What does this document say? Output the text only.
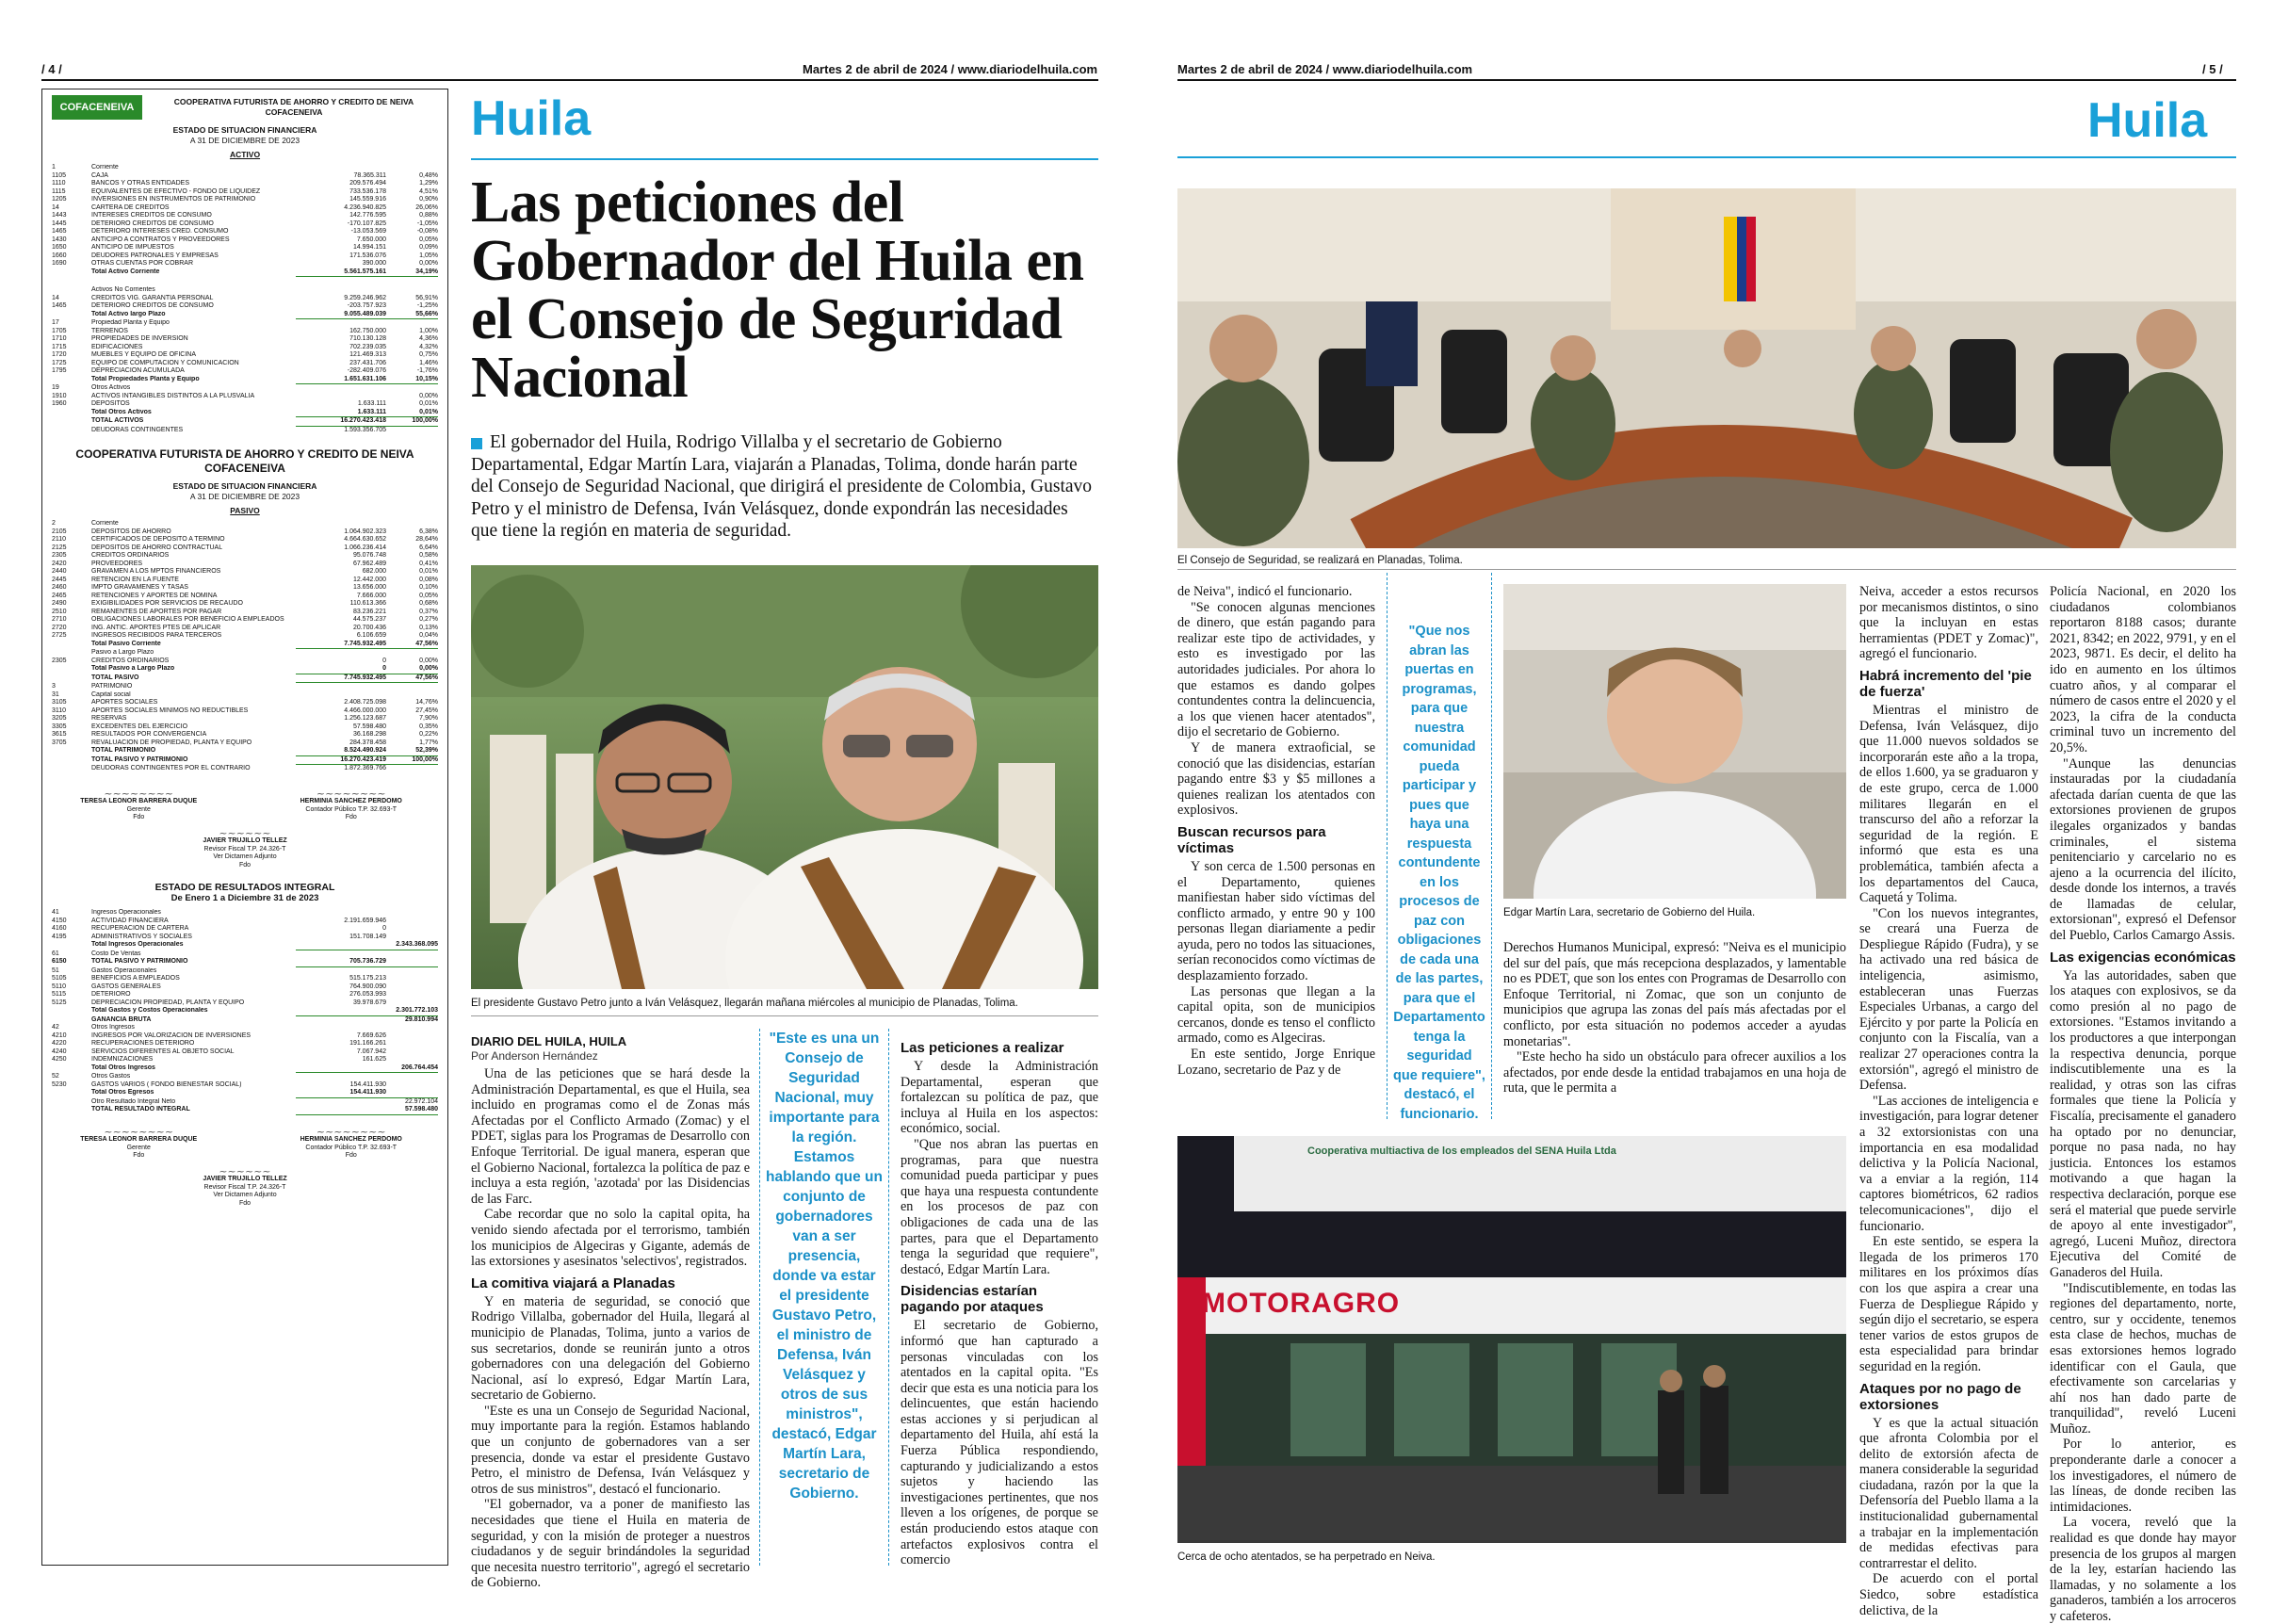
/ 4 /	Martes 2 de abril de 2024 / www.diariodelhuila.com
COFACENEIVA	COOPERATIVA FUTURISTA DE AHORRO Y CREDITO DE NEIVA
COFACENEIVA
ESTADO DE SITUACION FINANCIERA
A 31 DE DICIEMBRE DE 2023
ACTIVO
1	Corriente
1105	CAJA	78.365.311	0,48%
1110	BANCOS Y OTRAS ENTIDADES	209.576.494	1,29%
1115	EQUIVALENTES DE EFECTIVO - FONDO DE LIQUIDEZ	733.536.178	4,51%
1205	INVERSIONES EN INSTRUMENTOS DE PATRIMONIO	145.559.916	0,90%
14	CARTERA DE CREDITOS	4.236.940.825	26,06%
1443	INTERESES CREDITOS DE CONSUMO	142.776.595	0,88%
1445	DETERIORO CREDITOS DE CONSUMO	-170.107.825	-1,05%
1465	DETERIORO INTERESES CRED. CONSUMO	-13.053.569	-0,08%
1430	ANTICIPO A CONTRATOS Y PROVEEDORES	7.650.000	0,05%
1650	ANTICIPO DE IMPUESTOS	14.994.151	0,09%
1660	DEUDORES PATRONALES Y EMPRESAS	171.536.076	1,05%
1690	OTRAS CUENTAS POR COBRAR	390.000	0,00%
Total Activo Corriente	5.561.575.161	34,19%
Activos No Corrientes
14	CREDITOS VIG. GARANTIA PERSONAL	9.259.246.962	56,91%
1465	DETERIORO CREDITOS DE CONSUMO	-203.757.923	-1,25%
Total Activo largo Plazo	9.055.489.039	55,66%
17	Propiedad Planta y Equipo
1705	TERRENOS	162.750.000	1,00%
1710	PROPIEDADES DE INVERSION	710.130.128	4,36%
1715	EDIFICACIONES	702.239.035	4,32%
1720	MUEBLES Y EQUIPO DE OFICINA	121.469.313	0,75%
1725	EQUIPO DE COMPUTACION Y COMUNICACION	237.431.706	1,46%
1795	DEPRECIACION ACUMULADA	-282.409.076	-1,76%
Total Propiedades Planta y Equipo	1.651.631.106	10,15%
19	Otros Activos
1910	ACTIVOS INTANGIBLES DISTINTOS A LA PLUSVALIA	0,00%
1960	DEPOSITOS	1.633.111	0,01%
Total Otros Activos	1.633.111	0,01%
TOTAL ACTIVOS	16.270.423.418	100,00%
DEUDORAS CONTINGENTES	1.593.356.705
COOPERATIVA FUTURISTA DE AHORRO Y CREDITO DE NEIVA
COFACENEIVA
ESTADO DE SITUACION FINANCIERA
A 31 DE DICIEMBRE DE 2023
PASIVO
2	Corriente
2105	DEPOSITOS DE AHORRO	1.064.902.323	6,38%
2110	CERTIFICADOS DE DEPOSITO A TERMINO	4.664.630.652	28,64%
2125	DEPOSITOS DE AHORRO CONTRACTUAL	1.066.236.414	6,64%
2305	CREDITOS ORDINARIOS	95.076.748	0,58%
2420	PROVEEDORES	67.962.489	0,41%
2440	GRAVAMEN A LOS MPTOS FINANCIEROS	682.000	0,01%
2445	RETENCION EN LA FUENTE	12.442.000	0,08%
2460	IMPTO GRAVAMENES Y TASAS	13.656.000	0,10%
2465	RETENCIONES Y APORTES DE NÓMINA	7.666.000	0,05%
2490	EXIGIBILIDADES POR SERVICIOS DE RECAUDO	110.613.366	0,68%
2510	REMANENTES DE APORTES POR PAGAR	83.236.221	0,37%
2710	OBLIGACIONES LABORALES POR BENEFICIO A EMPLEADOS	44.575.237	0,27%
2720	ING. ANTIC. APORTES PTES DE APLICAR	20.700.436	0,13%
2725	INGRESOS RECIBIDOS PARA TERCEROS	6.106.659	0,04%
Total Pasivo Corriente	7.745.932.495	47,56%
Pasivo a Largo Plazo
2305	CREDITOS ORDINARIOS	0	0,00%
Total Pasivo a Largo Plazo	0	0,00%
TOTAL PASIVO	7.745.932.495	47,56%
3	PATRIMONIO
31	Capital social
3105	APORTES SOCIALES	2.408.725.098	14,76%
3110	APORTES SOCIALES MINIMOS NO REDUCTIBLES	4.466.000.000	27,45%
3205	RESERVAS	1.256.123.687	7,90%
3305	EXCEDENTES DEL EJERCICIO	57.598.480	0,35%
3615	RESULTADOS POR CONVERGENCIA	36.168.298	0,22%
3705	REVALUACION DE PROPIEDAD, PLANTA Y EQUIPO	284.378.458	1,77%
TOTAL PATRIMONIO	8.524.490.924	52,39%
TOTAL PASIVO Y PATRIMONIO	16.270.423.419	100,00%
DEUDORAS CONTINGENTES POR EL CONTRARIO	1.872.369.766
~~~~~~~~
TERESA LEONOR BARRERA DUQUE
Gerente
Fdo
~~~~~~~~
HERMINIA SANCHEZ PERDOMO
Contador Público T.P. 32.693-T
Fdo
~~~~~~
JAVIER TRUJILLO TELLEZ
Revisor Fiscal T.P. 24.326-T
Ver Dictamen Adjunto
Fdo
ESTADO DE RESULTADOS INTEGRAL
De Enero 1 a Diciembre 31 de 2023
41	Ingresos Operacionales
4150	ACTIVIDAD FINANCIERA	2.191.659.946
4160	RECUPERACION DE CARTERA	0
4195	ADMINISTRATIVOS Y SOCIALES	151.708.149
Total Ingresos Operacionales	2.343.368.095
61	Costo De Ventas
6150	TOTAL PASIVO Y PATRIMONIO	705.736.729
51	Gastos Operacionales
5105	BENEFICIOS A EMPLEADOS	515.175.213
5110	GASTOS GENERALES	764.900.090
5115	DETERIORO	276.053.993
5125	DEPRECIACION PROPIEDAD, PLANTA Y EQUIPO	39.978.679
Total Gastos y Costos Operacionales	2.301.772.103
GANANCIA BRUTA	29.810.994
42	Otros Ingresos
4210	INGRESOS POR VALORIZACION DE INVERSIONES	7.669.626
4220	RECUPERACIONES DETERIORO	191.166.261
4240	SERVICIOS DIFERENTES AL OBJETO SOCIAL	7.067.942
4250	INDEMNIZACIONES	161.625
Total Otros Ingresos	206.764.454
52	Otros Gastos
5230	GASTOS VARIOS ( FONDO BIENESTAR SOCIAL)	154.411.930
Total Otros Egresos	154.411.930
Otro Resultado Integral Neto	22.972.104
TOTAL RESULTADO INTEGRAL	57.598.480
~~~~~~~~
TERESA LEONOR BARRERA DUQUE
Gerente
Fdo
~~~~~~~~
HERMINIA SANCHEZ PERDOMO
Contador Público T.P. 32.693-T
Fdo
~~~~~~
JAVIER TRUJILLO TELLEZ
Revisor Fiscal T.P. 24.326-T
Ver Dictamen Adjunto
Fdo
Huila
Las peticiones del Gobernador del Huila en el Consejo de Seguridad Nacional

El gobernador del Huila, Rodrigo Villalba y el secretario de Gobierno Departamental, Edgar Martín Lara, viajarán a Planadas, Tolima, donde harán parte del Consejo de Seguridad Nacional, que dirigirá el presidente de Colombia, Gustavo Petro y el ministro de Defensa, Iván Velásquez, donde expondrán las necesidades que tiene la región en materia de seguridad.

El presidente Gustavo Petro junto a Iván Velásquez, llegarán mañana miércoles al municipio de Planadas, Tolima.
DIARIO DEL HUILA, HUILA
Por Anderson Hernández

Una de las peticiones que se hará desde la Administración Departamental, es que el Huila, sea incluido en programas como el de Zonas más Afectadas por el Conflicto Armado (Zomac) y el PDET, siglas para los Programas de Desarrollo con Enfoque Territorial. De igual manera, esperan que el Gobierno Nacional, fortalezca la política de paz e incluya a esta región, 'azotada' por las Disidencias de las Farc.

Cabe recordar que no solo la capital opita, ha venido siendo afectada por el terrorismo, también los municipios de Algeciras y Gigante, además de las extorsiones y asesinatos 'selectivos', registrados.

La comitiva viajará a Planadas

Y en materia de seguridad, se conoció que Rodrigo Villalba, gobernador del Huila, llegará al municipio de Planadas, Tolima, junto a varios de sus secretarios, donde se reunirán junto a otros gobernadores con una delegación del Gobierno Nacional, así lo expresó, Edgar Martín Lara, secretario de Gobierno.

"Este es una un Consejo de Seguridad Nacional, muy importante para la región. Estamos hablando que un conjunto de gobernadores van a ser presencia, donde va estar el presidente Gustavo Petro, el ministro de Defensa, Iván Velásquez y otros de sus ministros", destacó el funcionario.

"El gobernador, va a poner de manifiesto las necesidades que tiene el Huila en materia de seguridad, y con la misión de proteger a nuestros ciudadanos y de seguir brindándoles la seguridad que necesita nuestro territorio", agregó el secretario de Gobierno.

"Este es una un Consejo de Seguridad Nacional, muy importante para la región. Estamos hablando que un conjunto de gobernadores van a ser presencia, donde va estar el presidente Gustavo Petro, el ministro de Defensa, Iván Velásquez y otros de sus ministros", destacó, Edgar Martín Lara, secretario de Gobierno.
Las peticiones a realizar

Y desde la Administración Departamental, esperan que fortalezcan su política de paz, que incluya al Huila en los aspectos: económico, social.

"Que nos abran las puertas en programas, para que nuestra comunidad pueda participar y pues que haya una respuesta contundente en los procesos de paz con obligaciones de cada una de las partes, para que el Departamento tenga la seguridad que requiere", destacó, Edgar Martín Lara.

Disidencias estarían pagando por ataques

El secretario de Gobierno, informó que han capturado a personas vinculadas con los atentados en la capital opita. "Es decir que esta es una noticia para los delincuentes, que están haciendo estas acciones y si perjudican al departamento del Huila, ahí está la Fuerza Pública respondiendo, capturando y judicializando a estos sujetos y haciendo las investigaciones pertinentes, que nos lleven a los orígenes, de porque se están produciendo estos ataque con artefactos explosivos contra el comercio

Martes 2 de abril de 2024 / www.diariodelhuila.com	/ 5 /
Huila
El Consejo de Seguridad, se realizará en Planadas, Tolima.

de Neiva", indicó el funcionario.

"Se conocen algunas menciones de dinero, que están pagando para realizar este tipo de actividades, y esto es investigado por las autoridades judiciales. Por ahora lo que estamos es dando golpes contundentes contra la delincuencia, a los que vienen hacer atentados", dijo el secretario de Gobierno.

Y de manera extraoficial, se conoció que las disidencias, estarían pagando entre $3 y $5 millones a quienes realizan los atentados con explosivos.

Buscan recursos para víctimas

Y son cerca de 1.500 personas en el Departamento, quienes manifiestan haber sido víctimas del conflicto armado, y entre 90 y 100 personas llegan diariamente a pedir ayuda, pero no todos las situaciones, serían reconocidos como víctimas de desplazamiento forzado.

Las personas que llegan a la capital opita, son de municipios cercanos, donde es tenso el conflicto armado, como es Algeciras.

En este sentido, Jorge Enrique Lozano, secretario de Paz y de

"Que nos abran las puertas en programas, para que nuestra comunidad pueda participar y pues que haya una respuesta contundente en los procesos de paz con obligaciones de cada una de las partes, para que el Departamento tenga la seguridad que requiere", destacó, el funcionario.
Edgar Martín Lara, secretario de Gobierno del Huila.

Derechos Humanos Municipal, expresó: "Neiva es el municipio del sur del país, que más recepciona desplazados, y lamentable no es PDET, que son los entes con Programas de Desarrollo con Enfoque Territorial, ni Zomac, que son un conjunto de municipios que agrupa las zonas del país más afectadas por el conflicto, por esta situación no podemos acceder a ayudas monetarias".

"Este hecho ha sido un obstáculo para ofrecer auxilios a los afectados, por ende desde la entidad trabajamos en una hoja de ruta, que le permita a

Cooperativa multiactiva de los empleados del SENA Huila Ltda
MOTORAGRO
Cerca de ocho atentados, se ha perpetrado en Neiva.

Neiva, acceder a estos recursos por mecanismos distintos, o sino que la incluyan en estas herramientas (PDET y Zomac)", agregó el funcionario.

Habrá incremento del 'pie de fuerza'

Mientras el ministro de Defensa, Iván Velásquez, dijo que 11.000 nuevos soldados se incorporarán este año a la tropa, de ellos 1.600, ya se graduaron y de este grupo, cerca de 1.000 militares llegarán en el transcurso del año a reforzar la seguridad de la región. E informó que esta es una problemática, también afecta a los departamentos del Cauca, Caquetá y Tolima.

"Con los nuevos integrantes, se creará una Fuerza de Despliegue Rápido (Fudra), y se ha activado una red básica de inteligencia, asimismo, estableceran unas Fuerzas Especiales Urbanas, a cargo del Ejército y por parte la Policía en conjunto con la Fiscalía, van a realizar 27 operaciones contra la extorsión", agregó el ministro de Defensa.

"Las acciones de inteligencia e investigación, para lograr detener a 32 extorsionistas con una importancia en esa modalidad delictiva y la Policía Nacional, va a enviar a la región, 114 captores biométricos, 62 radios telecomunicaciones", dijo el funcionario.

En este sentido, se espera la llegada de los primeros 170 militares en los próximos días con los que aspira a crear una Fuerza de Despliegue Rápido y según dijo el secretario, se espera tener varios de estos grupos de esta especialidad para brindar seguridad en la región.

Ataques por no pago de extorsiones

Y es que la actual situación que afronta Colombia por el delito de extorsión afecta de manera considerable la seguridad ciudadana, razón por la que la Defensoría del Pueblo llama a la institucionalidad gubernamental a trabajar en la implementación de medidas efectivas para contrarrestar el delito.

De acuerdo con el portal Siedco, sobre estadística delictiva, de la

Policía Nacional, en 2020 los ciudadanos colombianos reportaron 8188 casos; durante 2021, 8342; en 2022, 9791, y en el 2023, 9871. Es decir, el delito ha ido en aumento en los últimos cuatro años, y al comparar el número de casos entre el 2020 y el 2023, la cifra de la conducta criminal tuvo un incremento del 20,5%.

"Aunque las denuncias instauradas por la ciudadanía afectada darían cuenta de que las extorsiones provienen de grupos ilegales organizados y bandas criminales, el sistema penitenciario y carcelario no es ajeno a la ocurrencia del ilícito, desde donde los internos, a través de llamadas de celular, extorsionan", expresó el Defensor del Pueblo, Carlos Camargo Assis.

Las exigencias económicas

Ya las autoridades, saben que los ataques con explosivos, se da como presión al no pago de extorsiones. "Estamos invitando a los productores a que interpongan la respectiva denuncia, porque indiscutiblemente una es la realidad, y otras son las cifras formales que tiene la Policía y Fiscalía, precisamente el ganadero ha optado por no denunciar, porque no pasa nada, no hay justicia. Entonces los estamos motivando a que hagan la respectiva declaración, porque ese será el material que puede servirle de apoyo al ente investigador", agregó, Luceni Muñoz, directora Ejecutiva del Comité de Ganaderos del Huila.

"Indiscutiblemente, en todas las regiones del departamento, norte, centro, sur y occidente, tenemos esta clase de hechos, muchas de esas extorsiones hemos logrado identificar con el Gaula, que efectivamente son carcelarias y ahí nos han dado parte de tranquilidad", reveló Luceni Muñoz.

Por lo anterior, es preponderante darle a conocer a los investigadores, el número de las líneas, de donde reciben las intimidaciones.

La vocera, reveló que la realidad es que donde hay mayor presencia de los grupos al margen de la ley, estarían haciendo las llamadas, y no solamente a los ganaderos, también a los arroceros y cafeteros.
